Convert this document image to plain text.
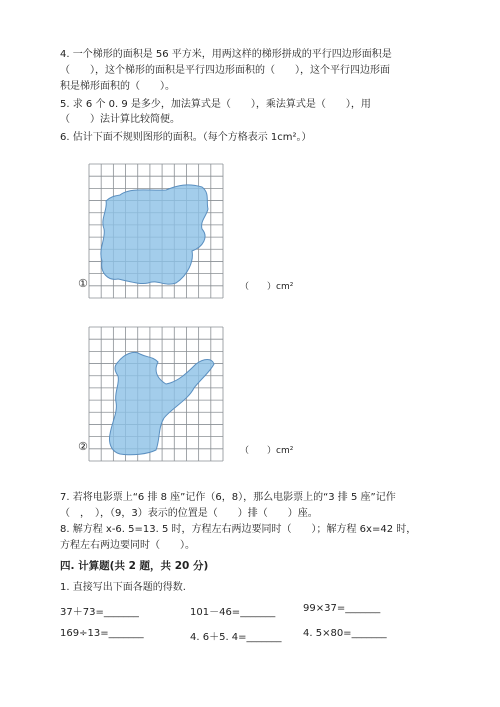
4. 一个梯形的面积是 56 平方米，用两这样的梯形拼成的平行四边形面积是
（　　），这个梯形的面积是平行四边形面积的（　　），这个平行四边形面
积是梯形面积的（　　）。
5. 求 6 个 0. 9 是多少，加法算式是（　　），乘法算式是（　　），用
（　　）法计算比较简便。
6. 估计下面不规则图形的面积。（每个方格表示 1cm²。）
①	（　　）cm²
②	（　　）cm²
7. 若将电影票上“6 排 8 座”记作（6，8），那么电影票上的“3 排 5 座”记作
（　，　），（9，3）表示的位置是（　　）排（　　）座。
8. 解方程 x-6. 5=13. 5 时，方程左右两边要同时（　　）；解方程 6x=42 时，
方程左右两边要同时（　　）。
四. 计算题(共 2 题，共 20 分)
1. 直接写出下面各题的得数.
37＋73=_______	101－46=_______	99×37=_______
169÷13=_______	4. 6＋5. 4=_______ 4. 5×80=_______
